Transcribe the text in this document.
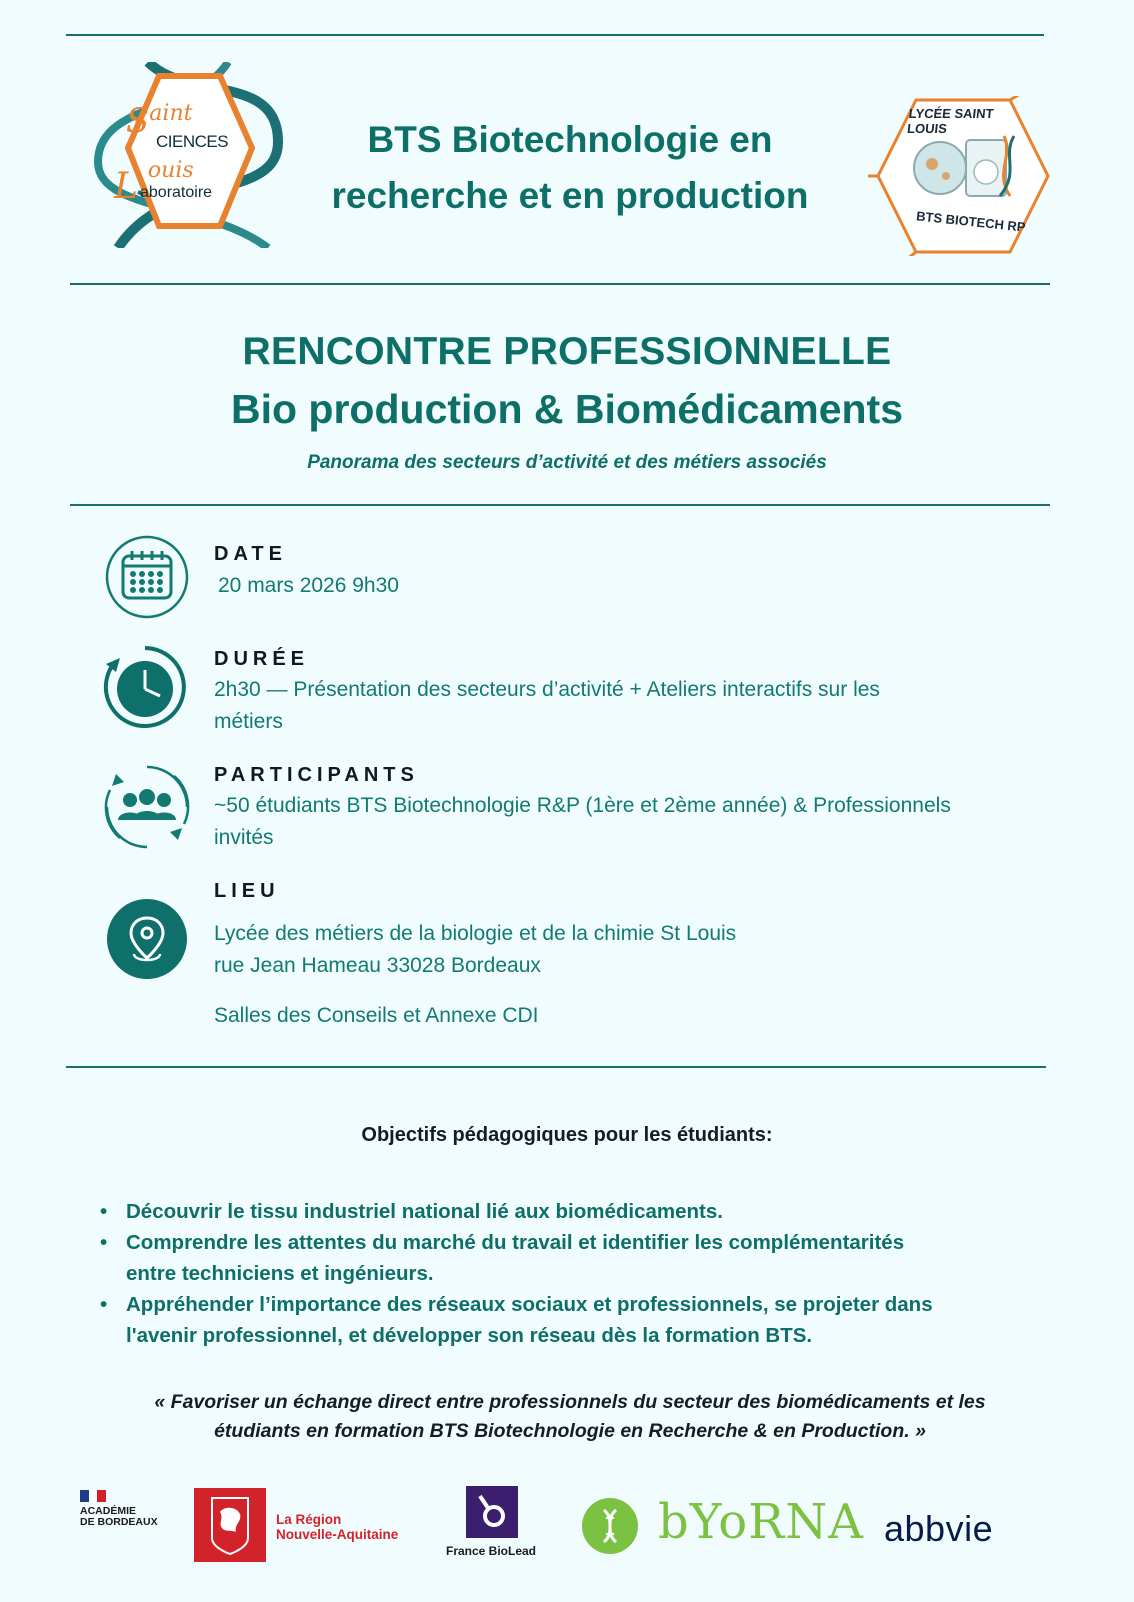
Saint
CIENCES
ouis
L aboratoire
BTS Biotechnologie en
recherche et en production
LYCÉE SAINT LOUIS
BTS BIOTECH RP
RENCONTRE PROFESSIONNELLE
Bio production & Biomédicaments
Panorama des secteurs d’activité et des métiers associés
DATE
20 mars 2026 9h30
DURÉE
2h30 — Présentation des secteurs d’activité + Ateliers interactifs sur les
métiers
PARTICIPANTS
~50 étudiants BTS Biotechnologie R&P (1ère et 2ème année) & Professionnels
invités
LIEU
Lycée des métiers de la biologie et de la chimie St Louis
rue Jean Hameau 33028 Bordeaux
Salles des Conseils et Annexe CDI
Objectifs pédagogiques pour les étudiants:
• Découvrir le tissu industriel national lié aux biomédicaments.
• Comprendre les attentes du marché du travail et identifier les complémentarités
entre techniciens et ingénieurs.
• Appréhender l’importance des réseaux sociaux et professionnels, se projeter dans
l'avenir professionnel, et développer son réseau dès la formation BTS.
« Favoriser un échange direct entre professionnels du secteur des biomédicaments et les
étudiants en formation BTS Biotechnologie en Recherche & en Production. »
ACADÉMIE
DE BORDEAUX	La Région
Nouvelle-Aquitaine
France BioLead
bYoRNA abbvie
